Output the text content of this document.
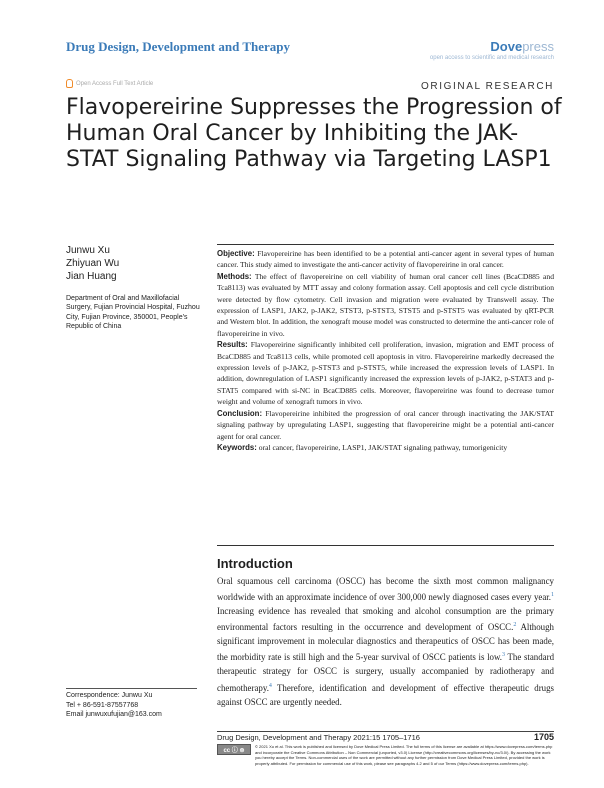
Drug Design, Development and Therapy	Dovepress
open access to scientific and medical research
Open Access Full Text Article	ORIGINAL RESEARCH
Flavopereirine Suppresses the Progression of Human Oral Cancer by Inhibiting the JAK-STAT Signaling Pathway via Targeting LASP1
Junwu Xu
Zhiyuan Wu
Jian Huang
Department of Oral and Maxillofacial Surgery, Fujian Provincial Hospital, Fuzhou City, Fujian Province, 350001, People's Republic of China

Objective: Flavopereirine has been identified to be a potential anti-cancer agent in several types of human cancer. This study aimed to investigate the anti-cancer activity of flavopereirine in oral cancer.

Methods: The effect of flavopereirine on cell viability of human oral cancer cell lines (BcaCD885 and Tca8113) was evaluated by MTT assay and colony formation assay. Cell apoptosis and cell cycle distribution were detected by flow cytometry. Cell invasion and migration were evaluated by Transwell assay. The expression of LASP1, JAK2, p-JAK2, STST3, p-STST3, STST5 and p-STST5 was evaluated by qRT-PCR and Western blot. In addition, the xenograft mouse model was constructed to determine the anti-cancer role of flavopereirine in vivo.

Results: Flavopereirine significantly inhibited cell proliferation, invasion, migration and EMT process of BcaCD885 and Tca8113 cells, while promoted cell apoptosis in vitro. Flavopereirine markedly decreased the expression levels of p-JAK2, p-STST3 and p-STST5, while increased the expression levels of LASP1. In addition, downregulation of LASP1 significantly increased the expression levels of p-JAK2, p-STAT3 and p-STAT5 compared with si-NC in BcaCD885 cells. Moreover, flavopereirine was found to decrease tumor weight and volume of xenograft tumors in vivo.

Conclusion: Flavopereirine inhibited the progression of oral cancer through inactivating the JAK/STAT signaling pathway by upregulating LASP1, suggesting that flavopereirine might be a potential anti-cancer agent for oral cancer.

Keywords: oral cancer, flavopereirine, LASP1, JAK/STAT signaling pathway, tumorigenicity

Introduction

Oral squamous cell carcinoma (OSCC) has become the sixth most common malignancy worldwide with an approximate incidence of over 300,000 newly diagnosed cases every year.$^1$ Increasing evidence has revealed that smoking and alcohol consumption are the primary environmental factors resulting in the occurrence and development of OSCC.$^2$ Although significant improvement in molecular diagnostics and therapeutics of OSCC has been made, the morbidity rate is still high and the 5-year survival of OSCC patients is low.$^3$ The standard therapeutic strategy for OSCC is surgery, usually accompanied by radiotherapy and chemotherapy.$^4$ Therefore, identification and development of effective therapeutic drugs against OSCC are urgently needed.

Correspondence: Junwu Xu
Tel + 86-591-87557768
Email junwuxufujian@163.com
Drug Design, Development and Therapy 2021:15 1705–1716	1705
cc ⓘ ⊜
© 2021 Xu et al. This work is published and licensed by Dove Medical Press Limited. The full terms of this license are available at https://www.dovepress.com/terms.php and incorporate the Creative Commons Attribution – Non Commercial (unported, v3.0) License (http://creativecommons.org/licenses/by-nc/3.0/). By accessing the work you hereby accept the Terms. Non-commercial uses of the work are permitted without any further permission from Dove Medical Press Limited, provided the work is properly attributed. For permission for commercial use of this work, please see paragraphs 4.2 and 5 of our Terms (https://www.dovepress.com/terms.php).
